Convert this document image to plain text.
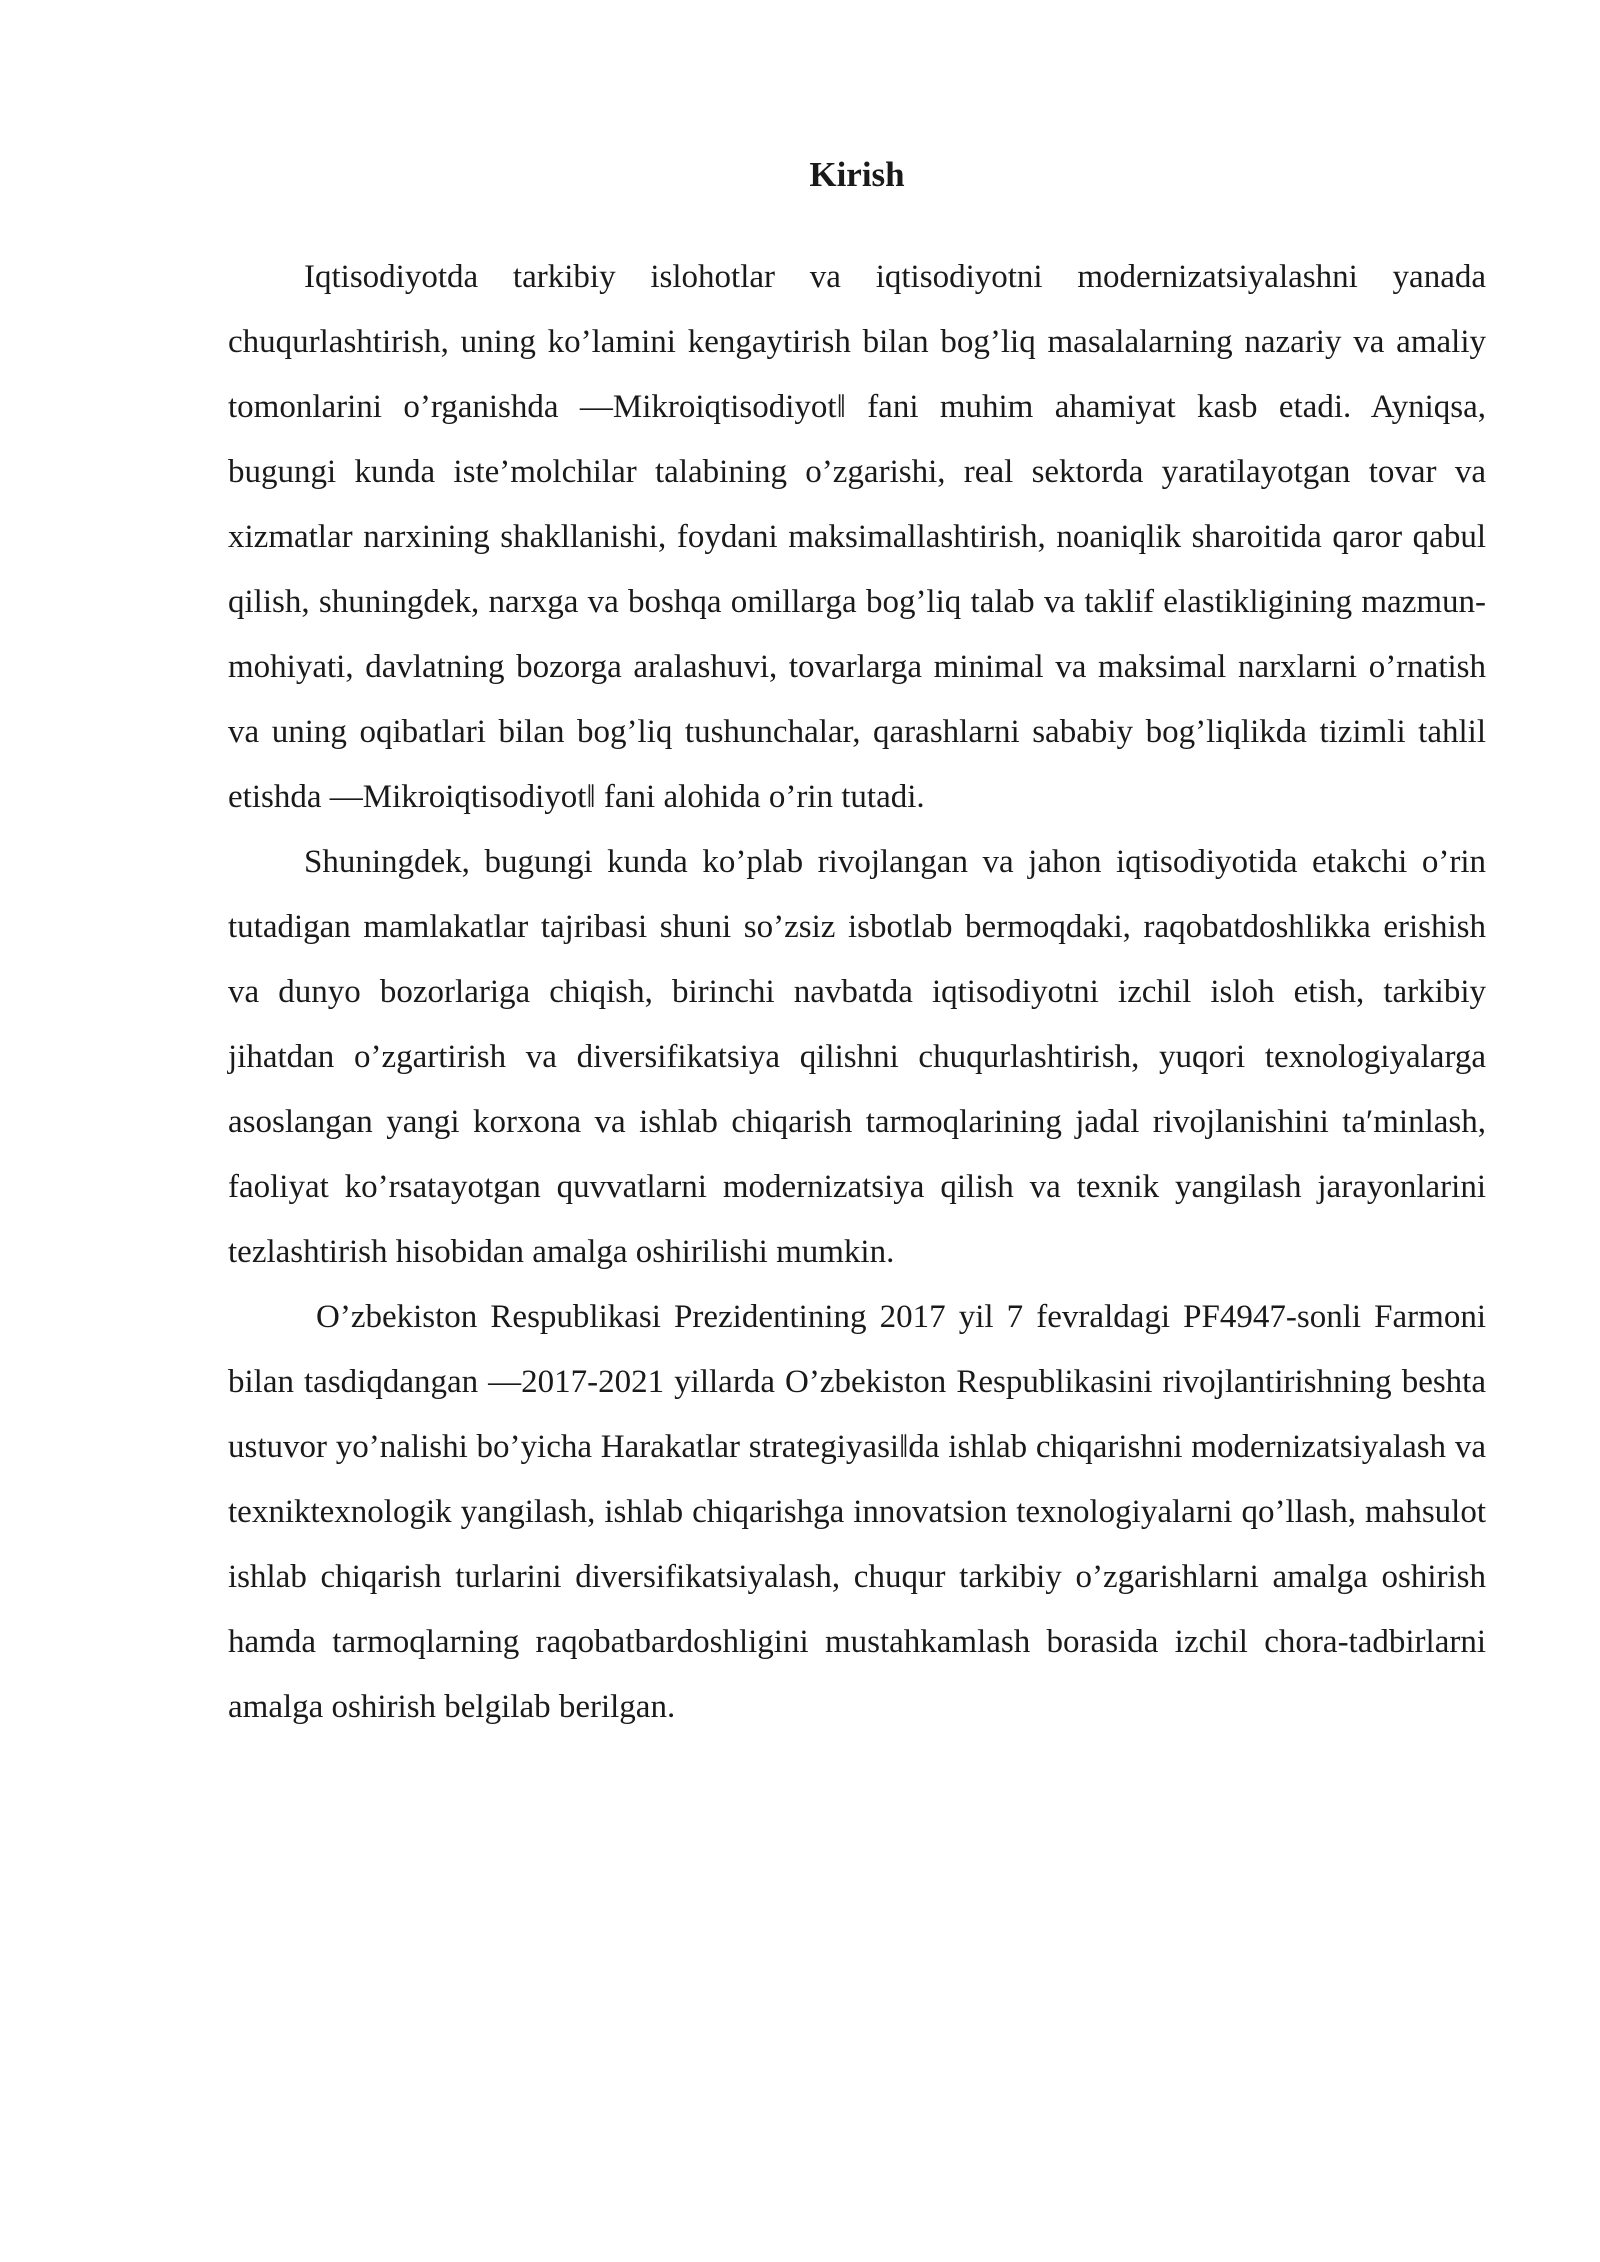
Kirish

Iqtisodiyotda tarkibiy islohotlar va iqtisodiyotni modernizatsiyalashni yanada chuqurlashtirish, uning ko’lamini kengaytirish bilan bog’liq masalalarning nazariy va amaliy tomonlarini o’rganishda ―Mikroiqtisodiyot‖ fani muhim ahamiyat kasb etadi. Ayniqsa, bugungi kunda iste’molchilar talabining o’zgarishi, real sektorda yaratilayotgan tovar va xizmatlar narxining shakllanishi, foydani maksimallashtirish, noaniqlik sharoitida qaror qabul qilish, shuningdek, narxga va boshqa omillarga bog’liq talab va taklif elastikligining mazmun-mohiyati, davlatning bozorga aralashuvi, tovarlarga minimal va maksimal narxlarni o’rnatish va uning oqibatlari bilan bog’liq tushunchalar, qarashlarni sababiy bog’liqlikda tizimli tahlil etishda ―Mikroiqtisodiyot‖ fani alohida o’rin tutadi.

Shuningdek, bugungi kunda ko’plab rivojlangan va jahon iqtisodiyotida etakchi o’rin tutadigan mamlakatlar tajribasi shuni so’zsiz isbotlab bermoqdaki, raqobatdoshlikka erishish va dunyo bozorlariga chiqish, birinchi navbatda iqtisodiyotni izchil isloh etish, tarkibiy jihatdan o’zgartirish va diversifikatsiya qilishni chuqurlashtirish, yuqori texnologiyalarga asoslangan yangi korxona va ishlab chiqarish tarmoqlarining jadal rivojlanishini ta′minlash, faoliyat ko’rsatayotgan quvvatlarni modernizatsiya qilish va texnik yangilash jarayonlarini tezlashtirish hisobidan amalga oshirilishi mumkin.

O’zbekiston Respublikasi Prezidentining 2017 yil 7 fevraldagi PF4947-sonli Farmoni bilan tasdiqdangan ―2017-2021 yillarda O’zbekiston Respublikasini rivojlantirishning beshta ustuvor yo’nalishi bo’yicha Harakatlar strategiyasi‖da ishlab chiqarishni modernizatsiyalash va texniktexnologik yangilash, ishlab chiqarishga innovatsion texnologiyalarni qo’llash, mahsulot ishlab chiqarish turlarini diversifikatsiyalash, chuqur tarkibiy o’zgarishlarni amalga oshirish hamda tarmoqlarning raqobatbardoshligini mustahkamlash borasida izchil chora-tadbirlarni amalga oshirish belgilab berilgan.
